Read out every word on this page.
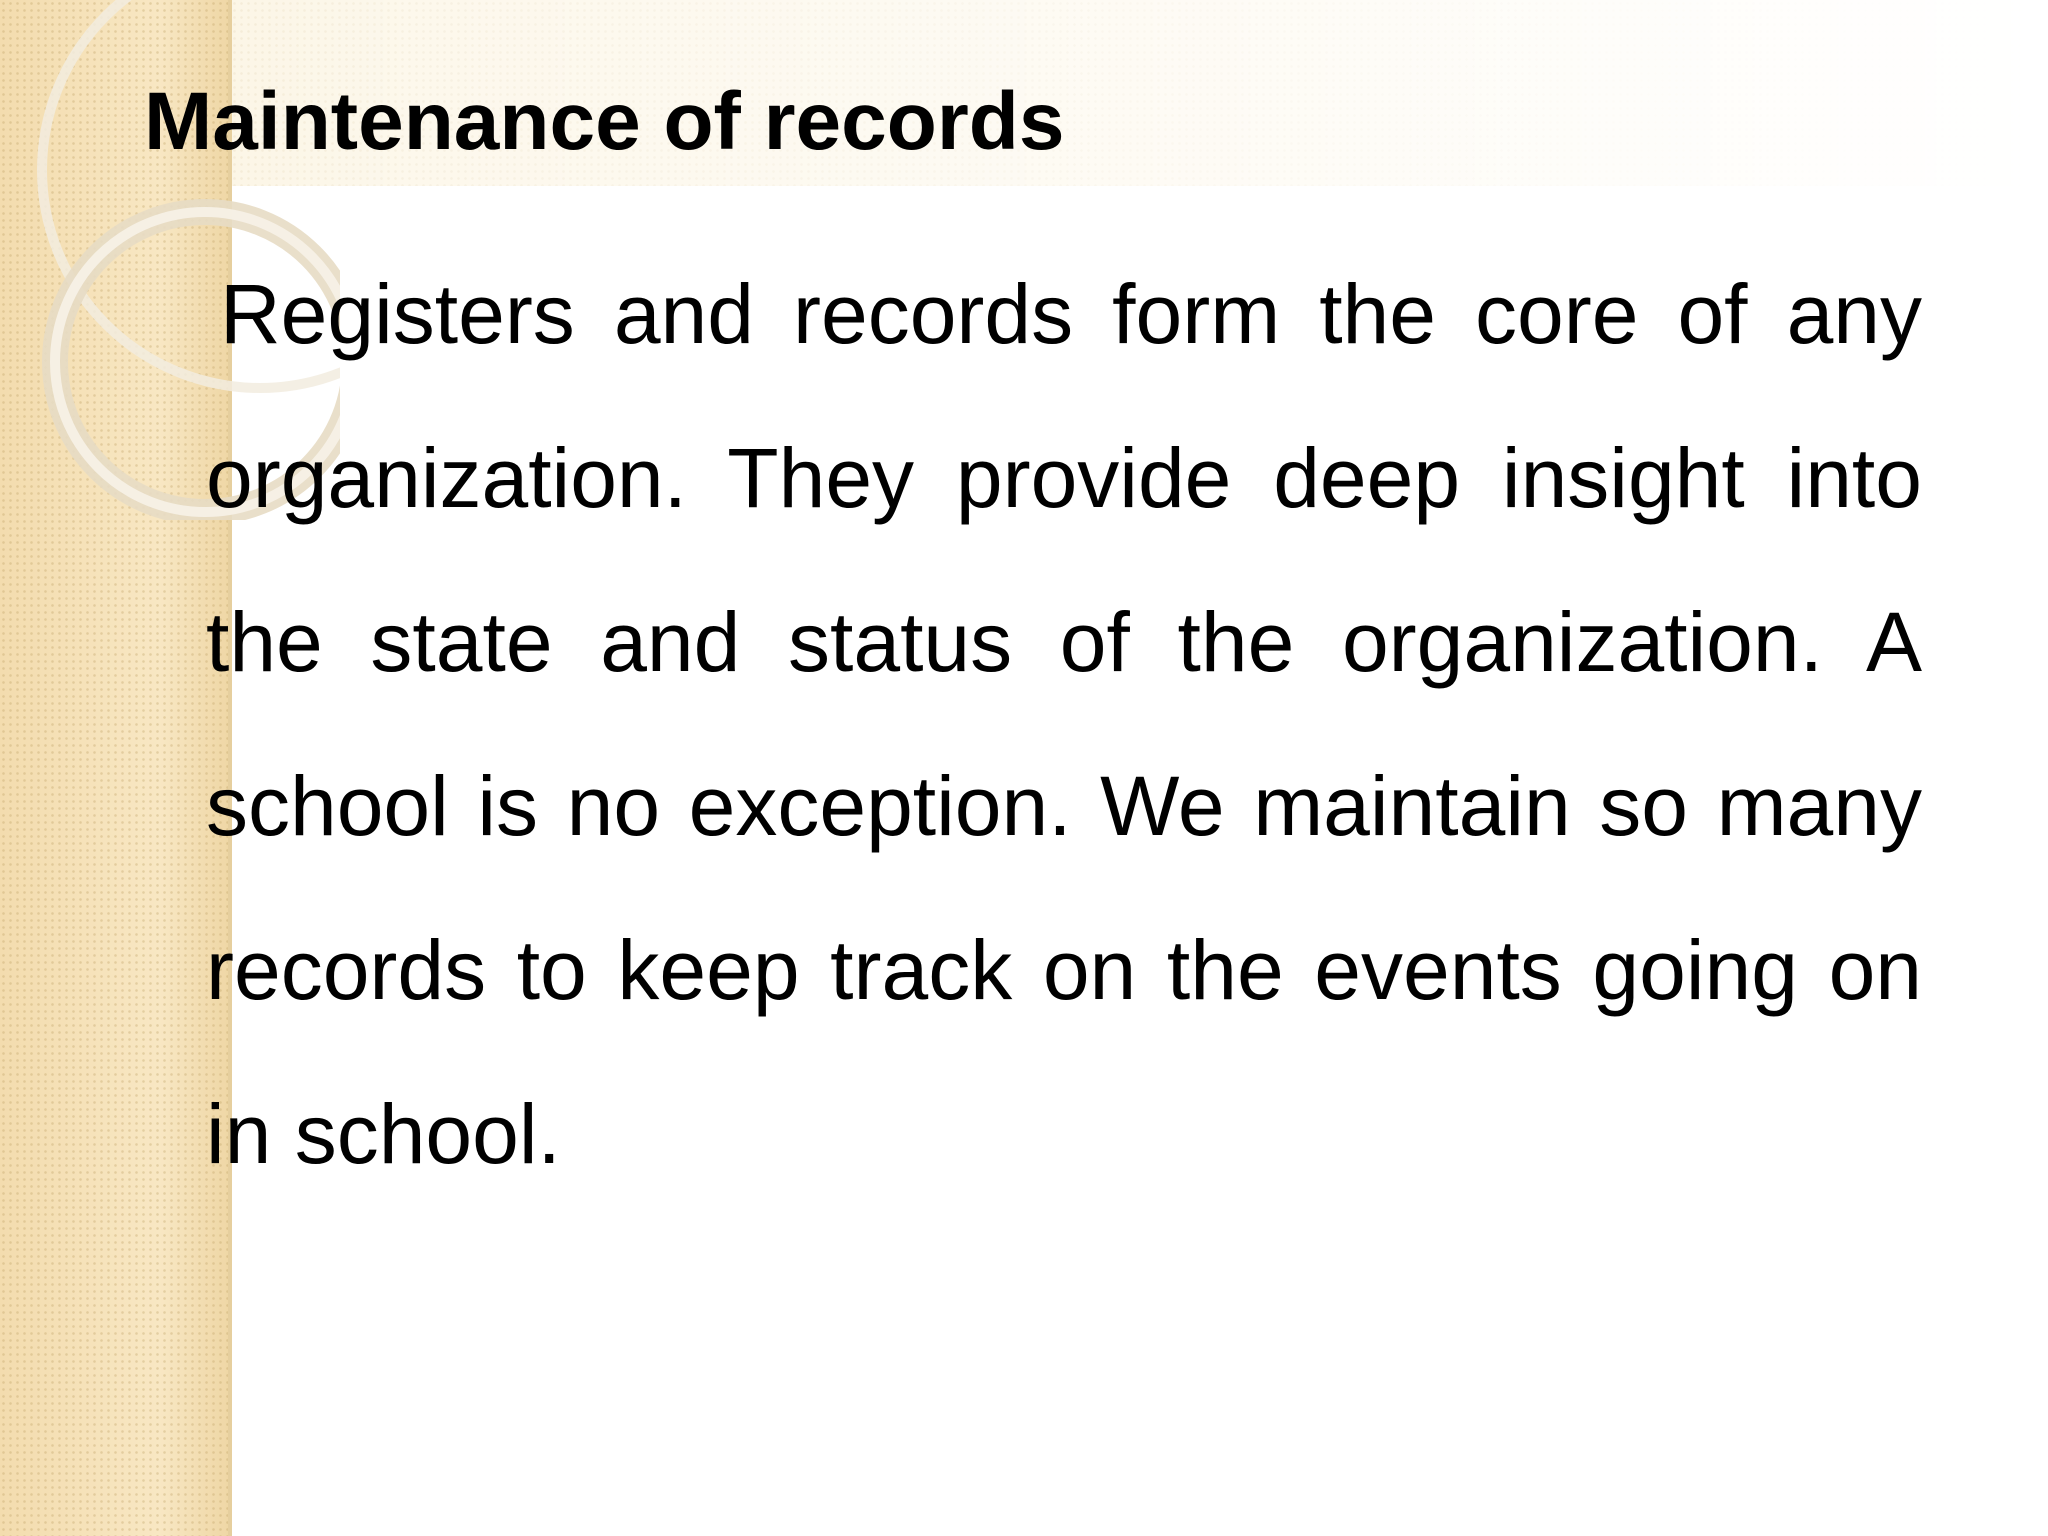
Maintenance of records

Registers and records form the core of any organization. They provide deep insight into the state and status of the organization. A school is no exception. We maintain so many records to keep track on the events going on in school.
